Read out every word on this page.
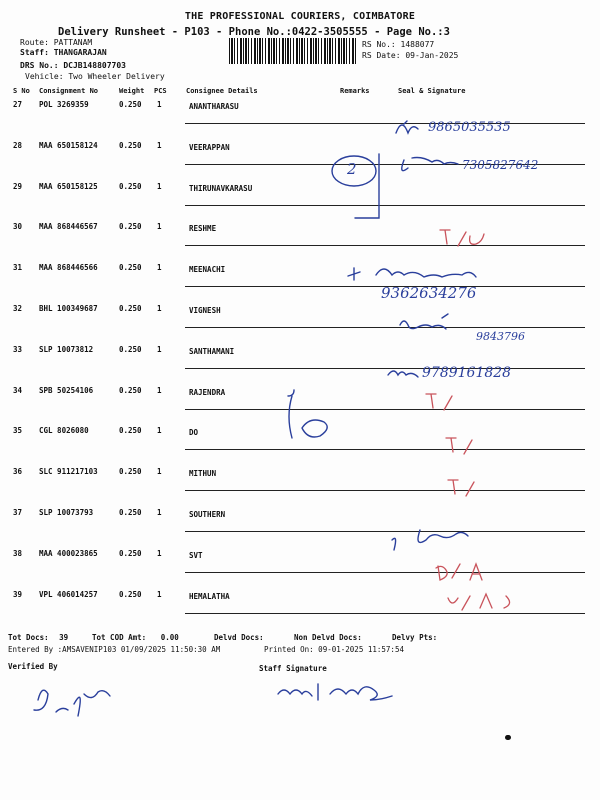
THE PROFESSIONAL COURIERS, COIMBATORE
Delivery Runsheet - P103 - Phone No.:0422-3505555 - Page No.:3
Route: PATTANAM
Staff: THANGARAJAN
DRS No.: DCJB148807703
Vehicle: Two Wheeler Delivery
RS No.: 1488077
RS Date: 09-Jan-2025
S No Consignment No	Weight PCS	Consignee Details	Remarks	Seal & Signature
27 POL 3269359	0.250 1	ANANTHARASU
28 MAA 650158124	0.250 1	VEERAPPAN
29 MAA 650158125	0.250 1	THIRUNAVKARASU
30 MAA 868446567	0.250 1	RESHME
31 MAA 868446566	0.250 1	MEENACHI
32 BHL 100349687	0.250 1	VIGNESH
33 SLP 10073812	0.250 1	SANTHAMANI
34 SPB 50254106	0.250 1	RAJENDRA
35 CGL 8026080	0.250 1	DO
36 SLC 911217103	0.250 1	MITHUN
37 SLP 10073793	0.250 1	SOUTHERN
38 MAA 400023865	0.250 1	SVT
39 VPL 406014257	0.250 1	HEMALATHA
9865035535
7305827642
2
9362634276
9843796
9789161828
Tot Docs: 39	Tot COD Amt: 0.00	Delvd Docs:	Non Delvd Docs:	Delvy Pts:
Entered By :AMSAVENIP103 01/09/2025 11:50:30 AM	Printed On: 09-01-2025 11:57:54
Verified By	Staff Signature
